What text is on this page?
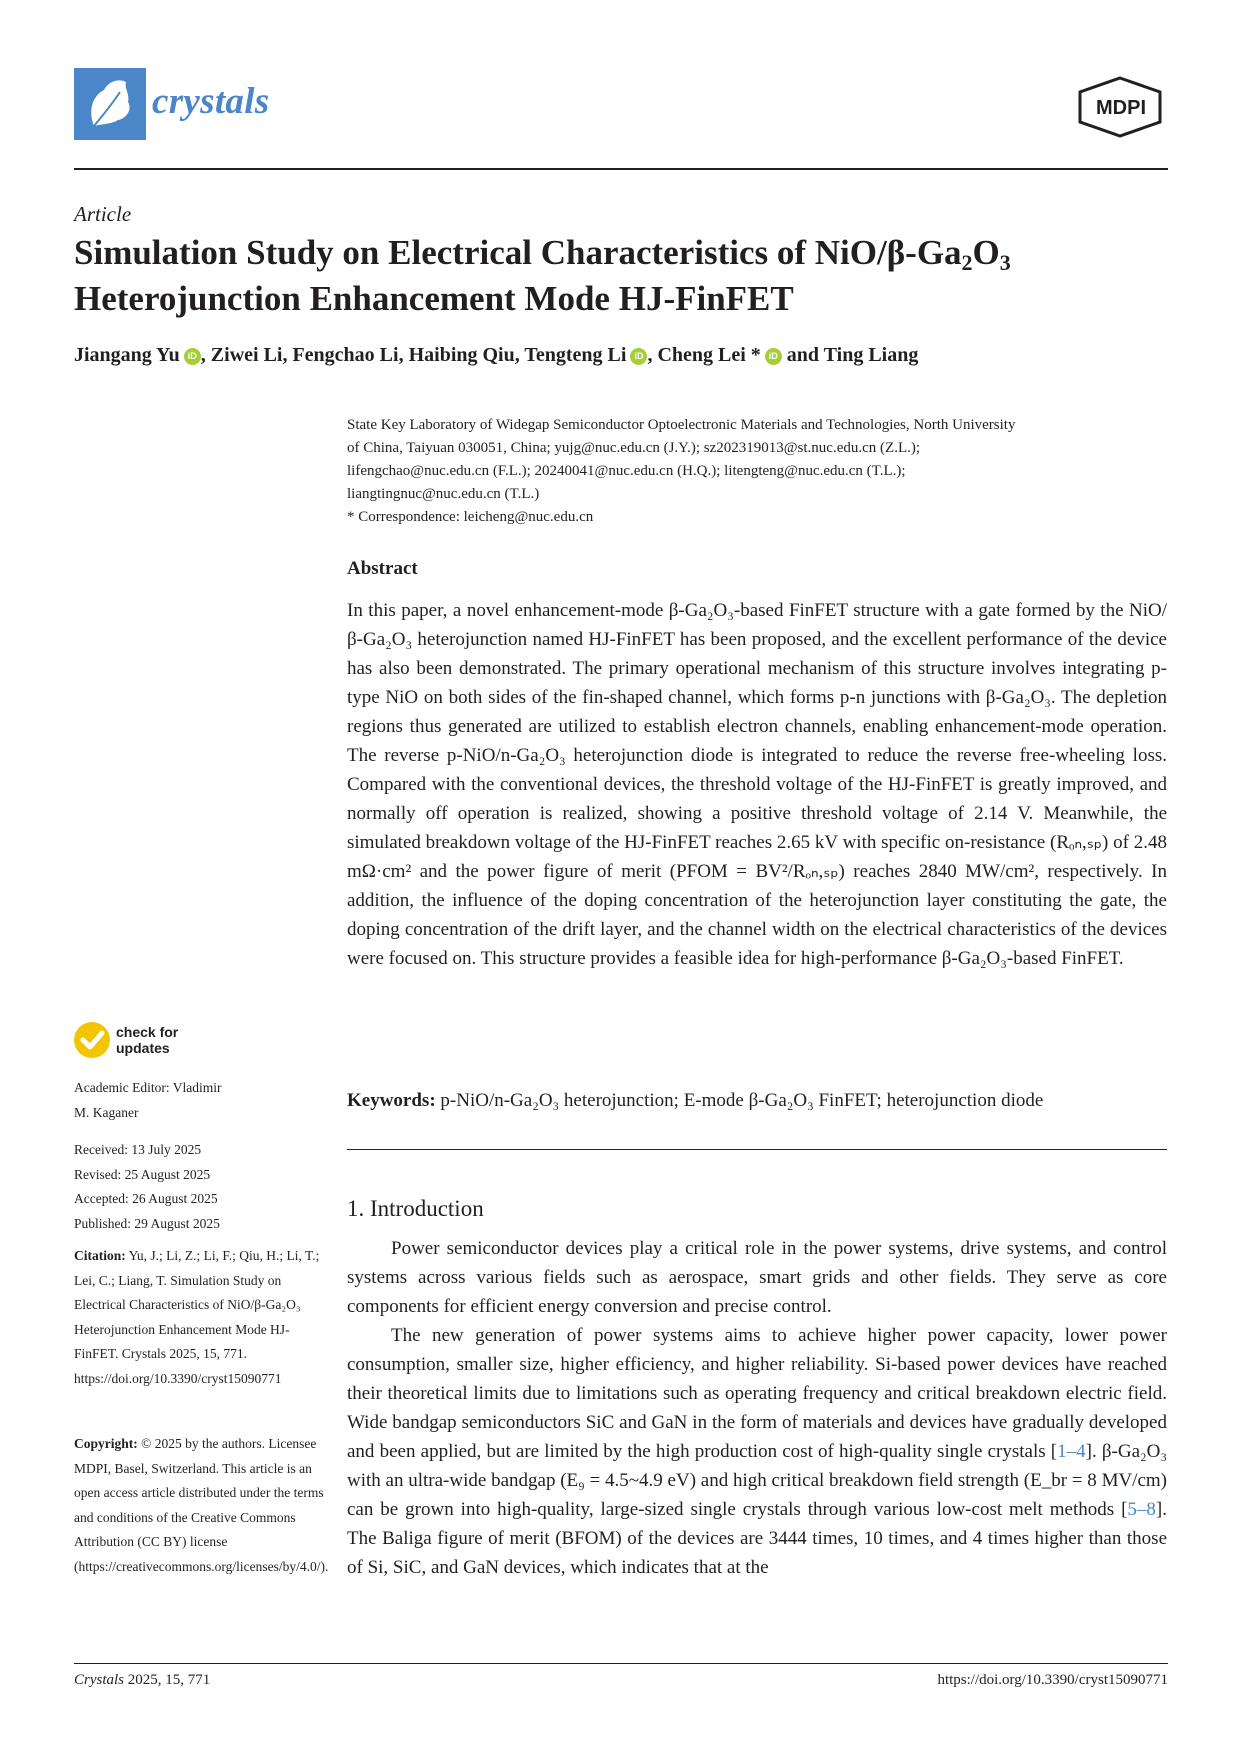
crystals	MDPI
Article
Simulation Study on Electrical Characteristics of NiO/$\beta-Ga_2O_3$
Heterojunction Enhancement Mode HJ-FinFET
Jiangang Yu iD , Ziwei Li, Fengchao Li, Haibing Qiu, Tengteng Li iD , Cheng Lei * iD and Ting Liang
State Key Laboratory of Widegap Semiconductor Optoelectronic Materials and Technologies, North University
of China, Taiyuan 030051, China; yujg@nuc.edu.cn (J.Y.); sz202319013@st.nuc.edu.cn (Z.L.);
lifengchao@nuc.edu.cn (F.L.); 20240041@nuc.edu.cn (H.Q.); litengteng@nuc.edu.cn (T.L.);
liangtingnuc@nuc.edu.cn (T.L.)
* Correspondence: leicheng@nuc.edu.cn
Abstract
In this paper, a novel enhancement-mode β-Ga₂O₃-based FinFET structure with a gate formed by the NiO/β-Ga₂O₃ heterojunction named HJ-FinFET has been proposed, and the excellent performance of the device has also been demonstrated. The primary operational mechanism of this structure involves integrating p-type NiO on both sides of the fin-shaped channel, which forms p-n junctions with β-Ga₂O₃. The depletion regions thus generated are utilized to establish electron channels, enabling enhancement-mode operation. The reverse p-NiO/n-Ga₂O₃ heterojunction diode is integrated to reduce the reverse free-wheeling loss. Compared with the conventional devices, the threshold voltage of the HJ-FinFET is greatly improved, and normally off operation is realized, showing a positive threshold voltage of 2.14 V. Meanwhile, the simulated breakdown voltage of the HJ-FinFET reaches 2.65 kV with specific on-resistance (Rₒₙ,ₛₚ) of 2.48 mΩ·cm² and the power figure of merit (PFOM = BV²/Rₒₙ,ₛₚ) reaches 2840 MW/cm², respectively. In addition, the influence of the doping concentration of the heterojunction layer constituting the gate, the doping concentration of the drift layer, and the channel width on the electrical characteristics of the devices were focused on. This structure provides a feasible idea for high-performance β-Ga₂O₃-based FinFET.
Keywords: p-NiO/n-Ga₂O₃ heterojunction; E-mode β-Ga₂O₃ FinFET; heterojunction diode
1. Introduction

Power semiconductor devices play a critical role in the power systems, drive systems, and control systems across various fields such as aerospace, smart grids and other fields. They serve as core components for efficient energy conversion and precise control.

The new generation of power systems aims to achieve higher power capacity, lower power consumption, smaller size, higher efficiency, and higher reliability. Si-based power devices have reached their theoretical limits due to limitations such as operating frequency and critical breakdown electric field. Wide bandgap semiconductors SiC and GaN in the form of materials and devices have gradually developed and been applied, but are limited by the high production cost of high-quality single crystals [1–4]. β-Ga₂O₃ with an ultra-wide bandgap (E₉ = 4.5~4.9 eV) and high critical breakdown field strength (E_br = 8 MV/cm) can be grown into high-quality, large-sized single crystals through various low-cost melt methods [5–8]. The Baliga figure of merit (BFOM) of the devices are 3444 times, 10 times, and 4 times higher than those of Si, SiC, and GaN devices, which indicates that at the

check for
updates
Academic Editor: Vladimir
M. Kaganer
Received: 13 July 2025
Revised: 25 August 2025
Accepted: 26 August 2025
Published: 29 August 2025
Citation: Yu, J.; Li, Z.; Li, F.; Qiu, H.; Li, T.; Lei, C.; Liang, T. Simulation Study on Electrical Characteristics of NiO/β-Ga₂O₃ Heterojunction Enhancement Mode HJ-FinFET. Crystals 2025, 15, 771. https://doi.org/10.3390/cryst15090771
Copyright: © 2025 by the authors. Licensee MDPI, Basel, Switzerland. This article is an open access article distributed under the terms and conditions of the Creative Commons Attribution (CC BY) license (https://creativecommons.org/licenses/by/4.0/).
Crystals 2025, 15, 771	https://doi.org/10.3390/cryst15090771
